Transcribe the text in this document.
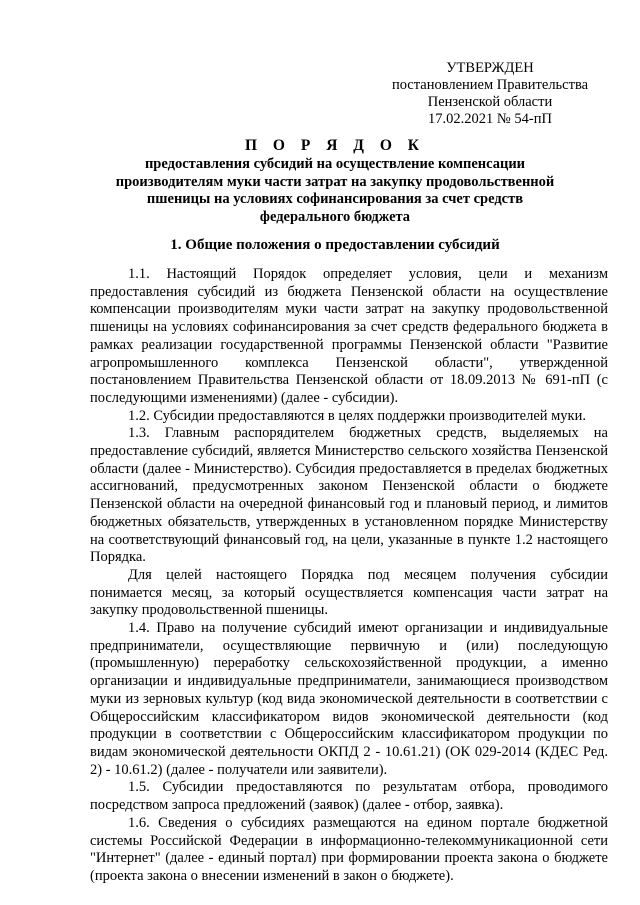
УТВЕРЖДЕН
постановлением Правительства
Пензенской области
17.02.2021 № 54-пП
П О Р Я Д О К
предоставления субсидий на осуществление компенсации
производителям муки части затрат на закупку продовольственной
пшеницы на условиях софинансирования за счет средств
федерального бюджета
1. Общие положения о предоставлении субсидий

1.1. Настоящий Порядок определяет условия, цели и механизм предоставления субсидий из бюджета Пензенской области на осуществление компенсации производителям муки части затрат на закупку продовольственной пшеницы на условиях софинансирования за счет средств федерального бюджета в рамках реализации государственной программы Пензенской области "Развитие агропромышленного комплекса Пензенской области", утвержденной постановлением Правительства Пензенской области от 18.09.2013 № 691-пП (с последующими изменениями) (далее - субсидии).

1.2. Субсидии предоставляются в целях поддержки производителей муки.

1.3. Главным распорядителем бюджетных средств, выделяемых на предоставление субсидий, является Министерство сельского хозяйства Пензенской области (далее - Министерство). Субсидия предоставляется в пределах бюджетных ассигнований, предусмотренных законом Пензенской области о бюджете Пензенской области на очередной финансовый год и плановый период, и лимитов бюджетных обязательств, утвержденных в установленном порядке Министерству на соответствующий финансовый год, на цели, указанные в пункте 1.2 настоящего Порядка.

Для целей настоящего Порядка под месяцем получения субсидии понимается месяц, за который осуществляется компенсация части затрат на закупку продовольственной пшеницы.

1.4. Право на получение субсидий имеют организации и индивидуальные предприниматели, осуществляющие первичную и (или) последующую (промышленную) переработку сельскохозяйственной продукции, а именно организации и индивидуальные предприниматели, занимающиеся производством муки из зерновых культур (код вида экономической деятельности в соответствии с Общероссийским классификатором видов экономической деятельности (код продукции в соответствии с Общероссийским классификатором продукции по видам экономической деятельности ОКПД 2 - 10.61.21) (ОК 029-2014 (КДЕС Ред. 2) - 10.61.2) (далее - получатели или заявители).

1.5. Субсидии предоставляются по результатам отбора, проводимого посредством запроса предложений (заявок) (далее - отбор, заявка).

1.6. Сведения о субсидиях размещаются на едином портале бюджетной системы Российской Федерации в информационно-телекоммуникационной сети "Интернет" (далее - единый портал) при формировании проекта закона о бюджете (проекта закона о внесении изменений в закон о бюджете).
